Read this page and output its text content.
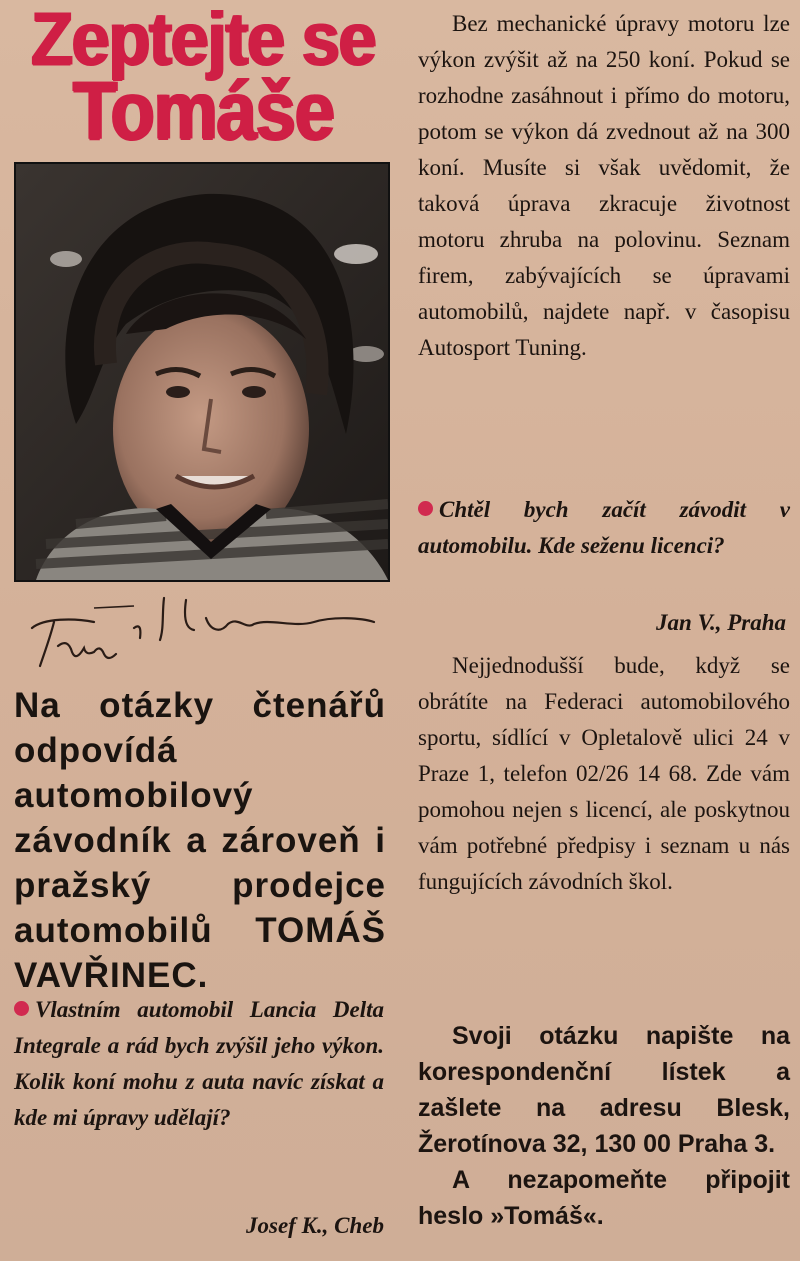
Zeptejte se
Tomáše
Na otázky čtenářů odpovídá automobilový závodník a zároveň i pražský prodejce automobilů TOMÁŠ VAVŘINEC.
Vlastním automobil Lancia Delta Integrale a rád bych zvýšil jeho výkon. Kolik koní mohu z auta navíc získat a kde mi úpravy udělají?
Josef K., Cheb

Bez mechanické úpravy motoru lze výkon zvýšit až na 250 koní. Pokud se rozhodne zasáhnout i přímo do motoru, potom se výkon dá zvednout až na 300 koní. Musíte si však uvědomit, že taková úprava zkracuje životnost motoru zhruba na polovinu. Seznam firem, zabývajících se úpravami automobilů, najdete např. v časopisu Autosport Tuning.

Chtěl bych začít závodit v automobilu. Kde seženu licenci?
Jan V., Praha

Nejjednodušší bude, když se obrátíte na Federaci automobilového sportu, sídlící v Opletalově ulici 24 v Praze 1, telefon 02/26 14 68. Zde vám pomohou nejen s licencí, ale poskytnou vám potřebné předpisy i seznam u nás fungujících závodních škol.

Svoji otázku napište na korespondenční lístek a zašlete na adresu Blesk, Žerotínova 32, 130 00 Praha 3.
A nezapomeňte připojit heslo »Tomáš«.
